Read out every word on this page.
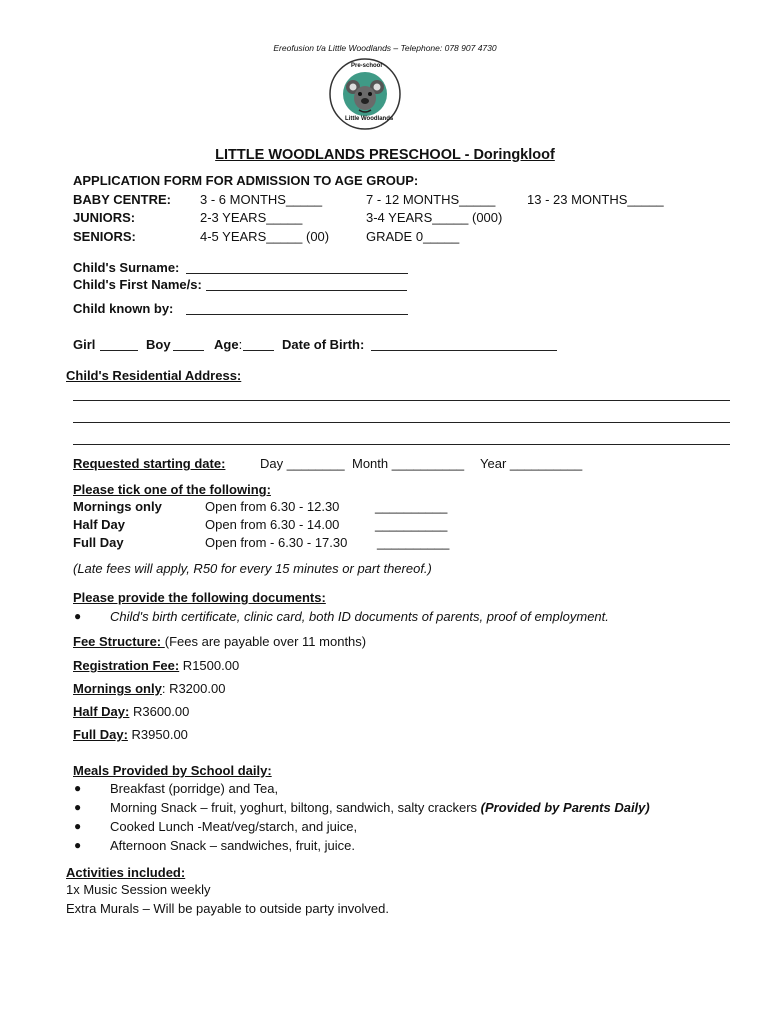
Ereofusion t/a Little Woodlands – Telephone: 078 907 4730
Pre-school
Little Woodlands
LITTLE WOODLANDS PRESCHOOL - Doringkloof
APPLICATION FORM FOR ADMISSION TO AGE GROUP:
BABY CENTRE: 3 - 6 MONTHS_____	7 - 12 MONTHS_____ 13 - 23 MONTHS_____
JUNIORS:	2-3 YEARS_____	3-4 YEARS_____ (000)
SENIORS:	4-5 YEARS_____ (00)	GRADE 0_____
Child's Surname:
Child's First Name/s:
Child known by:
Girl	Boy	Age:	Date of Birth:
Child's Residential Address:
Requested starting date:	Day ________ Month __________ Year __________
Please tick one of the following:
Mornings only	Open from 6.30 - 12.30	__________
Half Day	Open from 6.30 - 14.00	__________
Full Day	Open from - 6.30 - 17.30 __________
(Late fees will apply, R50 for every 15 minutes or part thereof.)
Please provide the following documents:
● Child's birth certificate, clinic card, both ID documents of parents, proof of employment.
Fee Structure: (Fees are payable over 11 months)
Registration Fee: R1500.00
Mornings only: R3200.00
Half Day: R3600.00
Full Day: R3950.00
Meals Provided by School daily:
● Breakfast (porridge) and Tea,
● Morning Snack – fruit, yoghurt, biltong, sandwich, salty crackers (Provided by Parents Daily)
● Cooked Lunch -Meat/veg/starch, and juice,
● Afternoon Snack – sandwiches, fruit, juice.
Activities included:
1x Music Session weekly
Extra Murals – Will be payable to outside party involved.
